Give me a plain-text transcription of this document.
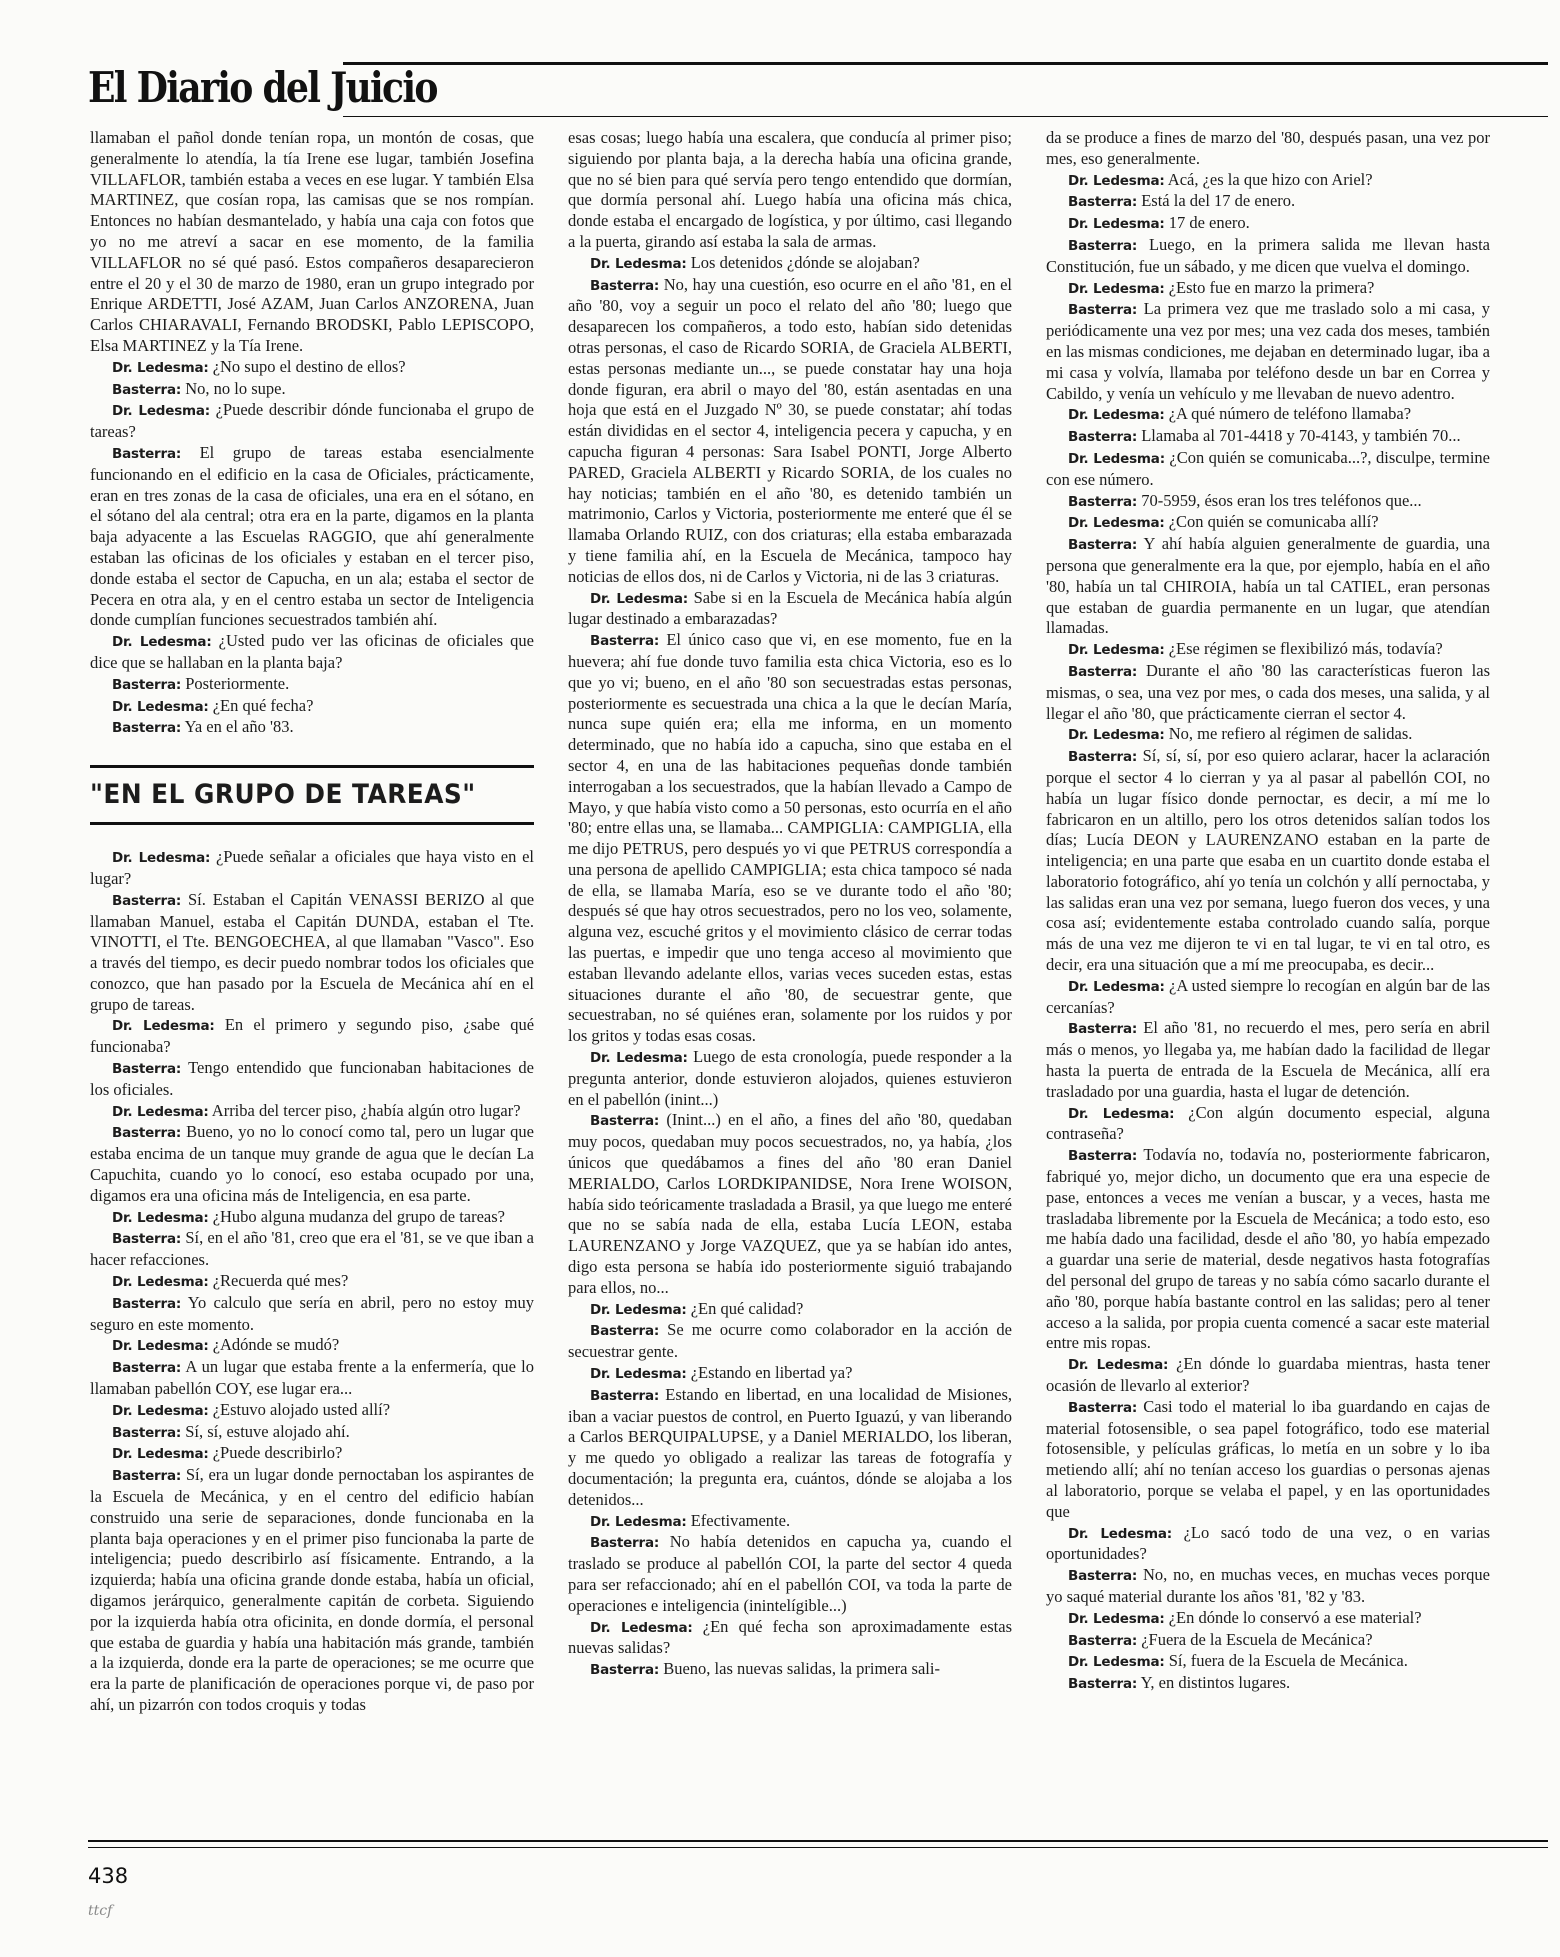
El Diario del Juicio

llamaban el pañol donde tenían ropa, un montón de cosas, que generalmente lo atendía, la tía Irene ese lugar, también Josefina VILLAFLOR, también estaba a veces en ese lugar. Y también Elsa MARTINEZ, que cosían ropa, las camisas que se nos rompían. Entonces no habían desmantelado, y había una caja con fotos que yo no me atreví a sacar en ese momento, de la familia VILLAFLOR no sé qué pasó. Estos compañeros desaparecieron entre el 20 y el 30 de marzo de 1980, eran un grupo integrado por Enrique ARDETTI, José AZAM, Juan Carlos ANZORENA, Juan Carlos CHIARAVALI, Fernando BRODSKI, Pablo LEPISCOPO, Elsa MARTINEZ y la Tía Irene.

Dr. Ledesma: ¿No supo el destino de ellos?

Basterra: No, no lo supe.

Dr. Ledesma: ¿Puede describir dónde funcionaba el grupo de tareas?

Basterra: El grupo de tareas estaba esencialmente funcionando en el edificio en la casa de Oficiales, prácticamente, eran en tres zonas de la casa de oficiales, una era en el sótano, en el sótano del ala central; otra era en la parte, digamos en la planta baja adyacente a las Escuelas RAGGIO, que ahí generalmente estaban las oficinas de los oficiales y estaban en el tercer piso, donde estaba el sector de Capucha, en un ala; estaba el sector de Pecera en otra ala, y en el centro estaba un sector de Inteligencia donde cumplían funciones secuestrados también ahí.

Dr. Ledesma: ¿Usted pudo ver las oficinas de oficiales que dice que se hallaban en la planta baja?

Basterra: Posteriormente.

Dr. Ledesma: ¿En qué fecha?

Basterra: Ya en el año '83.

"EN EL GRUPO DE TAREAS"

Dr. Ledesma: ¿Puede señalar a oficiales que haya visto en el lugar?

Basterra: Sí. Estaban el Capitán VENASSI BERIZO al que llamaban Manuel, estaba el Capitán DUNDA, estaban el Tte. VINOTTI, el Tte. BENGOECHEA, al que llamaban "Vasco". Eso a través del tiempo, es decir puedo nombrar todos los oficiales que conozco, que han pasado por la Escuela de Mecánica ahí en el grupo de tareas.

Dr. Ledesma: En el primero y segundo piso, ¿sabe qué funcionaba?

Basterra: Tengo entendido que funcionaban habitaciones de los oficiales.

Dr. Ledesma: Arriba del tercer piso, ¿había algún otro lugar?

Basterra: Bueno, yo no lo conocí como tal, pero un lugar que estaba encima de un tanque muy grande de agua que le decían La Capuchita, cuando yo lo conocí, eso estaba ocupado por una, digamos era una oficina más de Inteligencia, en esa parte.

Dr. Ledesma: ¿Hubo alguna mudanza del grupo de tareas?

Basterra: Sí, en el año '81, creo que era el '81, se ve que iban a hacer refacciones.

Dr. Ledesma: ¿Recuerda qué mes?

Basterra: Yo calculo que sería en abril, pero no estoy muy seguro en este momento.

Dr. Ledesma: ¿Adónde se mudó?

Basterra: A un lugar que estaba frente a la enfermería, que lo llamaban pabellón COY, ese lugar era...

Dr. Ledesma: ¿Estuvo alojado usted allí?

Basterra: Sí, sí, estuve alojado ahí.

Dr. Ledesma: ¿Puede describirlo?

Basterra: Sí, era un lugar donde pernoctaban los aspirantes de la Escuela de Mecánica, y en el centro del edificio habían construido una serie de separaciones, donde funcionaba en la planta baja operaciones y en el primer piso funcionaba la parte de inteligencia; puedo describirlo así físicamente. Entrando, a la izquierda; había una oficina grande donde estaba, había un oficial, digamos jerárquico, generalmente capitán de corbeta. Siguiendo por la izquierda había otra oficinita, en donde dormía, el personal que estaba de guardia y había una habitación más grande, también a la izquierda, donde era la parte de operaciones; se me ocurre que era la parte de planificación de operaciones porque vi, de paso por ahí, un pizarrón con todos croquis y todas

esas cosas; luego había una escalera, que conducía al primer piso; siguiendo por planta baja, a la derecha había una oficina grande, que no sé bien para qué servía pero tengo entendido que dormían, que dormía personal ahí. Luego había una oficina más chica, donde estaba el encargado de logística, y por último, casi llegando a la puerta, girando así estaba la sala de armas.

Dr. Ledesma: Los detenidos ¿dónde se alojaban?

Basterra: No, hay una cuestión, eso ocurre en el año '81, en el año '80, voy a seguir un poco el relato del año '80; luego que desaparecen los compañeros, a todo esto, habían sido detenidas otras personas, el caso de Ricardo SORIA, de Graciela ALBERTI, estas personas mediante un..., se puede constatar hay una hoja donde figuran, era abril o mayo del '80, están asentadas en una hoja que está en el Juzgado Nº 30, se puede constatar; ahí todas están divididas en el sector 4, inteligencia pecera y capucha, y en capucha figuran 4 personas: Sara Isabel PONTI, Jorge Alberto PARED, Graciela ALBERTI y Ricardo SORIA, de los cuales no hay noticias; también en el año '80, es detenido también un matrimonio, Carlos y Victoria, posteriormente me enteré que él se llamaba Orlando RUIZ, con dos criaturas; ella estaba embarazada y tiene familia ahí, en la Escuela de Mecánica, tampoco hay noticias de ellos dos, ni de Carlos y Victoria, ni de las 3 criaturas.

Dr. Ledesma: Sabe si en la Escuela de Mecánica había algún lugar destinado a embarazadas?

Basterra: El único caso que vi, en ese momento, fue en la huevera; ahí fue donde tuvo familia esta chica Victoria, eso es lo que yo vi; bueno, en el año '80 son secuestradas estas personas, posteriormente es secuestrada una chica a la que le decían María, nunca supe quién era; ella me informa, en un momento determinado, que no había ido a capucha, sino que estaba en el sector 4, en una de las habitaciones pequeñas donde también interrogaban a los secuestrados, que la habían llevado a Campo de Mayo, y que había visto como a 50 personas, esto ocurría en el año '80; entre ellas una, se llamaba... CAMPIGLIA: CAMPIGLIA, ella me dijo PETRUS, pero después yo vi que PETRUS correspondía a una persona de apellido CAMPIGLIA; esta chica tampoco sé nada de ella, se llamaba María, eso se ve durante todo el año '80; después sé que hay otros secuestrados, pero no los veo, solamente, alguna vez, escuché gritos y el movimiento clásico de cerrar todas las puertas, e impedir que uno tenga acceso al movimiento que estaban llevando adelante ellos, varias veces suceden estas, estas situaciones durante el año '80, de secuestrar gente, que secuestraban, no sé quiénes eran, solamente por los ruidos y por los gritos y todas esas cosas.

Dr. Ledesma: Luego de esta cronología, puede responder a la pregunta anterior, donde estuvieron alojados, quienes estuvieron en el pabellón (inint...)

Basterra: (Inint...) en el año, a fines del año '80, quedaban muy pocos, quedaban muy pocos secuestrados, no, ya había, ¿los únicos que quedábamos a fines del año '80 eran Daniel MERIALDO, Carlos LORDKIPANIDSE, Nora Irene WOISON, había sido teóricamente trasladada a Brasil, ya que luego me enteré que no se sabía nada de ella, estaba Lucía LEON, estaba LAURENZANO y Jorge VAZQUEZ, que ya se habían ido antes, digo esta persona se había ido posteriormente siguió trabajando para ellos, no...

Dr. Ledesma: ¿En qué calidad?

Basterra: Se me ocurre como colaborador en la acción de secuestrar gente.

Dr. Ledesma: ¿Estando en libertad ya?

Basterra: Estando en libertad, en una localidad de Misiones, iban a vaciar puestos de control, en Puerto Iguazú, y van liberando a Carlos BERQUIPALUPSE, y a Daniel MERIALDO, los liberan, y me quedo yo obligado a realizar las tareas de fotografía y documentación; la pregunta era, cuántos, dónde se alojaba a los detenidos...

Dr. Ledesma: Efectivamente.

Basterra: No había detenidos en capucha ya, cuando el traslado se produce al pabellón COI, la parte del sector 4 queda para ser refaccionado; ahí en el pabellón COI, va toda la parte de operaciones e inteligencia (inintelígible...)

Dr. Ledesma: ¿En qué fecha son aproximadamente estas nuevas salidas?

Basterra: Bueno, las nuevas salidas, la primera sali-

da se produce a fines de marzo del '80, después pasan, una vez por mes, eso generalmente.

Dr. Ledesma: Acá, ¿es la que hizo con Ariel?

Basterra: Está la del 17 de enero.

Dr. Ledesma: 17 de enero.

Basterra: Luego, en la primera salida me llevan hasta Constitución, fue un sábado, y me dicen que vuelva el domingo.

Dr. Ledesma: ¿Esto fue en marzo la primera?

Basterra: La primera vez que me traslado solo a mi casa, y periódicamente una vez por mes; una vez cada dos meses, también en las mismas condiciones, me dejaban en determinado lugar, iba a mi casa y volvía, llamaba por teléfono desde un bar en Correa y Cabildo, y venía un vehículo y me llevaban de nuevo adentro.

Dr. Ledesma: ¿A qué número de teléfono llamaba?

Basterra: Llamaba al 701-4418 y 70-4143, y también 70...

Dr. Ledesma: ¿Con quién se comunicaba...?, disculpe, termine con ese número.

Basterra: 70-5959, ésos eran los tres teléfonos que...

Dr. Ledesma: ¿Con quién se comunicaba allí?

Basterra: Y ahí había alguien generalmente de guardia, una persona que generalmente era la que, por ejemplo, había en el año '80, había un tal CHIROIA, había un tal CATIEL, eran personas que estaban de guardia permanente en un lugar, que atendían llamadas.

Dr. Ledesma: ¿Ese régimen se flexibilizó más, todavía?

Basterra: Durante el año '80 las características fueron las mismas, o sea, una vez por mes, o cada dos meses, una salida, y al llegar el año '80, que prácticamente cierran el sector 4.

Dr. Ledesma: No, me refiero al régimen de salidas.

Basterra: Sí, sí, sí, por eso quiero aclarar, hacer la aclaración porque el sector 4 lo cierran y ya al pasar al pabellón COI, no había un lugar físico donde pernoctar, es decir, a mí me lo fabricaron en un altillo, pero los otros detenidos salían todos los días; Lucía DEON y LAURENZANO estaban en la parte de inteligencia; en una parte que esaba en un cuartito donde estaba el laboratorio fotográfico, ahí yo tenía un colchón y allí pernoctaba, y las salidas eran una vez por semana, luego fueron dos veces, y una cosa así; evidentemente estaba controlado cuando salía, porque más de una vez me dijeron te vi en tal lugar, te vi en tal otro, es decir, era una situación que a mí me preocupaba, es decir...

Dr. Ledesma: ¿A usted siempre lo recogían en algún bar de las cercanías?

Basterra: El año '81, no recuerdo el mes, pero sería en abril más o menos, yo llegaba ya, me habían dado la facilidad de llegar hasta la puerta de entrada de la Escuela de Mecánica, allí era trasladado por una guardia, hasta el lugar de detención.

Dr. Ledesma: ¿Con algún documento especial, alguna contraseña?

Basterra: Todavía no, todavía no, posteriormente fabricaron, fabriqué yo, mejor dicho, un documento que era una especie de pase, entonces a veces me venían a buscar, y a veces, hasta me trasladaba libremente por la Escuela de Mecánica; a todo esto, eso me había dado una facilidad, desde el año '80, yo había empezado a guardar una serie de material, desde negativos hasta fotografías del personal del grupo de tareas y no sabía cómo sacarlo durante el año '80, porque había bastante control en las salidas; pero al tener acceso a la salida, por propia cuenta comencé a sacar este material entre mis ropas.

Dr. Ledesma: ¿En dónde lo guardaba mientras, hasta tener ocasión de llevarlo al exterior?

Basterra: Casi todo el material lo iba guardando en cajas de material fotosensible, o sea papel fotográfico, todo ese material fotosensible, y películas gráficas, lo metía en un sobre y lo iba metiendo allí; ahí no tenían acceso los guardias o personas ajenas al laboratorio, porque se velaba el papel, y en las oportunidades que

Dr. Ledesma: ¿Lo sacó todo de una vez, o en varias oportunidades?

Basterra: No, no, en muchas veces, en muchas veces porque yo saqué material durante los años '81, '82 y '83.

Dr. Ledesma: ¿En dónde lo conservó a ese material?

Basterra: ¿Fuera de la Escuela de Mecánica?

Dr. Ledesma: Sí, fuera de la Escuela de Mecánica.

Basterra: Y, en distintos lugares.

438
ttcf
